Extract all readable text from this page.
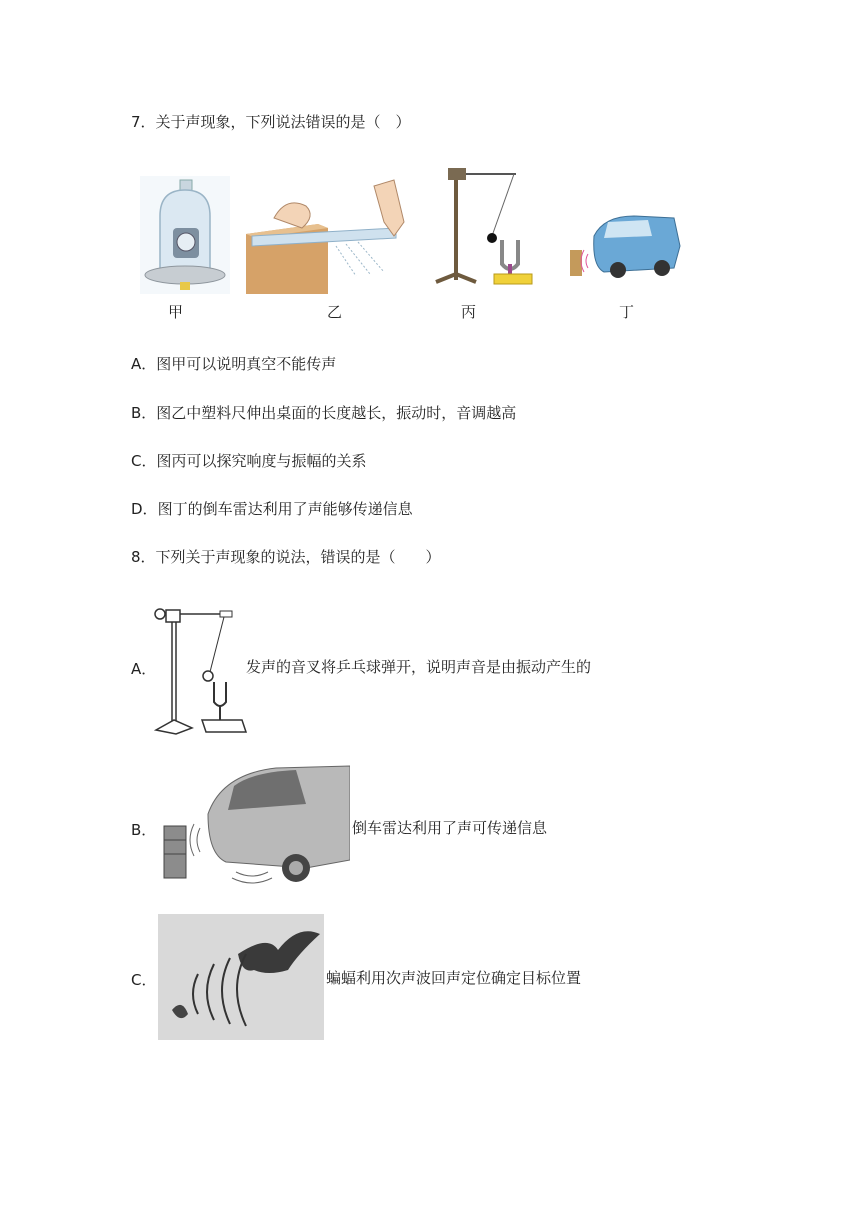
7．关于声现象，下列说法错误的是（　）
甲	乙	丙	丁
A．图甲可以说明真空不能传声
B．图乙中塑料尺伸出桌面的长度越长，振动时，音调越高
C．图丙可以探究响度与振幅的关系
D．图丁的倒车雷达利用了声能够传递信息
8．下列关于声现象的说法，错误的是（　　）
A．	发声的音叉将乒乓球弹开，说明声音是由振动产生的
B．	倒车雷达利用了声可传递信息
C．	蝙蝠利用次声波回声定位确定目标位置
